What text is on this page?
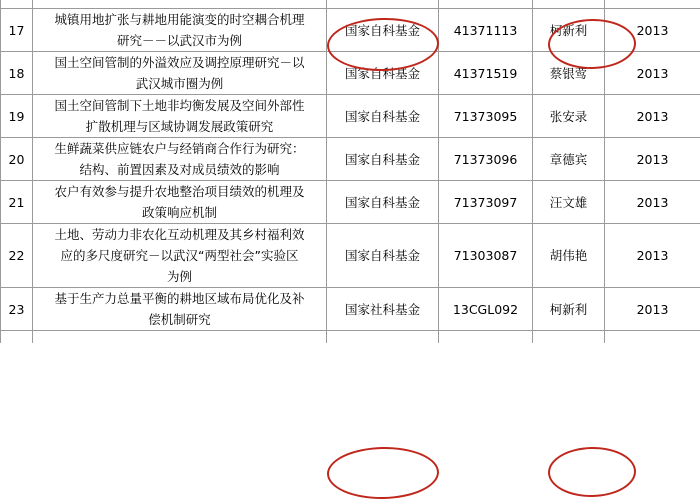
17	城镇用地扩张与耕地用能演变的时空耦合机理
研究－－以武汉市为例	国家自科基金	41371113	柯新利	2013
18	国土空间管制的外溢效应及调控原理研究－以
武汉城市圈为例	国家自科基金	41371519	蔡银莺	2013
19	国土空间管制下土地非均衡发展及空间外部性
扩散机理与区域协调发展政策研究	国家自科基金	71373095	张安录	2013
20	生鲜蔬菜供应链农户与经销商合作行为研究：
结构、前置因素及对成员绩效的影响	国家自科基金	71373096	章德宾	2013
21	农户有效参与提升农地整治项目绩效的机理及
政策响应机制	国家自科基金	71373097	汪文雄	2013
22	土地、劳动力非农化互动机理及其乡村福利效
应的多尺度研究－以武汉“两型社会”实验区
为例	国家自科基金	71303087	胡伟艳	2013
23	基于生产力总量平衡的耕地区域布局优化及补
偿机制研究	国家社科基金	13CGL092	柯新利	2013
